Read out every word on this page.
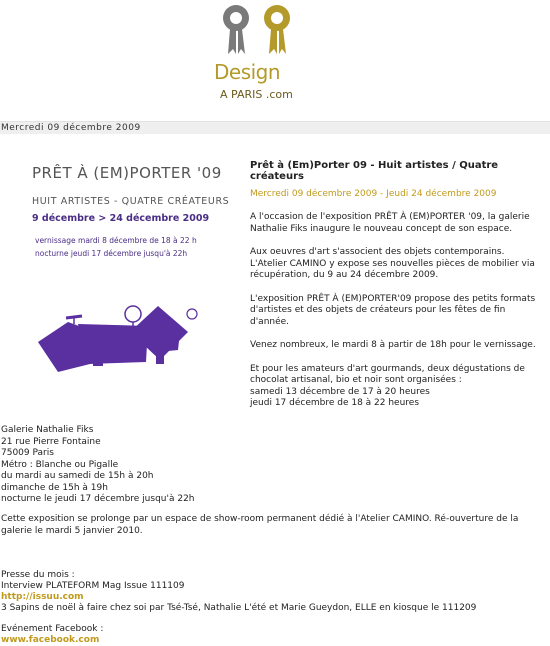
Design
A PARIS .com
Mercredi 09 décembre 2009
PRÊT À (EM)PORTER '09
HUIT ARTISTES - QUATRE CRÉATEURS
9 décembre > 24 décembre 2009
vernissage mardi 8 décembre de 18 à 22 h
nocturne jeudi 17 décembre jusqu'à 22h
Prêt à (Em)Porter 09 - Huit artistes / Quatre créateurs
Mercredi 09 décembre 2009 - Jeudi 24 décembre 2009

A l'occasion de l'exposition PRÊT À (EM)PORTER '09, la galerie Nathalie Fiks inaugure le nouveau concept de son espace.

Aux oeuvres d'art s'associent des objets contemporains.
L'Atelier CAMINO y expose ses nouvelles pièces de mobilier via récupération, du 9 au 24 décembre 2009.

L'exposition PRÊT À (EM)PORTER'09 propose des petits formats d'artistes et des objets de créateurs pour les fêtes de fin d'année.

Venez nombreux, le mardi 8 à partir de 18h pour le vernissage.

Et pour les amateurs d'art gourmands, deux dégustations de chocolat artisanal, bio et noir sont organisées :
samedi 13 décembre de 17 à 20 heures
jeudi 17 décembre de 18 à 22 heures

Galerie Nathalie Fiks
21 rue Pierre Fontaine
75009 Paris
Métro : Blanche ou Pigalle
du mardi au samedi de 15h à 20h
dimanche de 15h à 19h
nocturne le jeudi 17 décembre jusqu'à 22h
Cette exposition se prolonge par un espace de show-room permanent dédié à l'Atelier CAMINO. Ré-ouverture de la galerie le mardi 5 janvier 2010.
Presse du mois :
Interview PLATEFORM Mag Issue 111109
http://issuu.com
3 Sapins de noël à faire chez soi par Tsé-Tsé, Nathalie L'été et Marie Gueydon, ELLE en kiosque le 111209
Evénement Facebook :
www.facebook.com
